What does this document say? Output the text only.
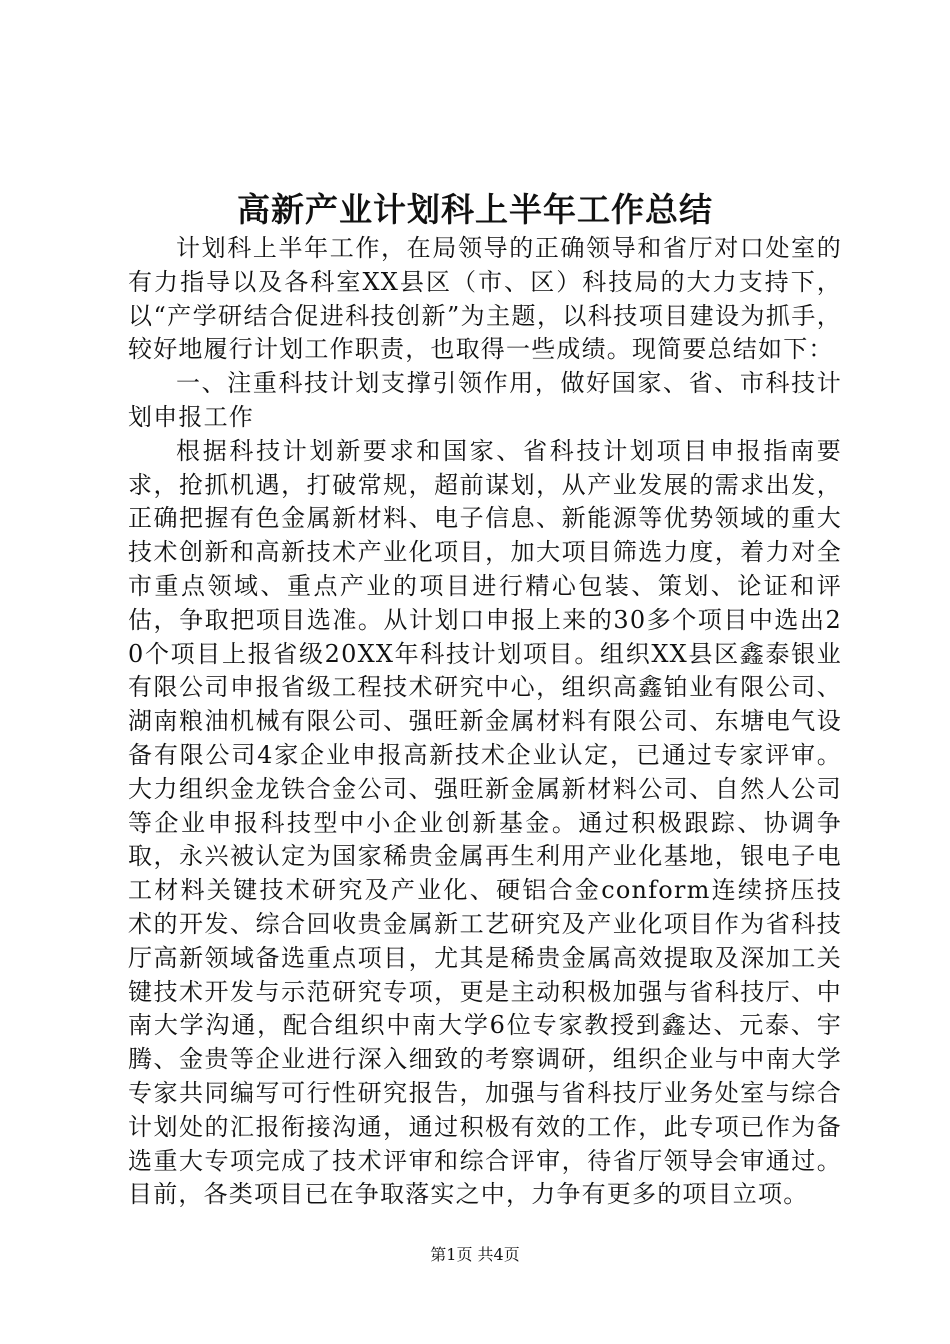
高新产业计划科上半年工作总结

计划科上半年工作，在局领导的正确领导和省厅对口处室的有力指导以及各科室XX县区（市、区）科技局的大力支持下，以“产学研结合促进科技创新”为主题，以科技项目建设为抓手，较好地履行计划工作职责，也取得一些成绩。现简要总结如下：

一、注重科技计划支撑引领作用，做好国家、省、市科技计划申报工作

根据科技计划新要求和国家、省科技计划项目申报指南要求，抢抓机遇，打破常规，超前谋划，从产业发展的需求出发，正确把握有色金属新材料、电子信息、新能源等优势领域的重大技术创新和高新技术产业化项目，加大项目筛选力度，着力对全市重点领域、重点产业的项目进行精心包装、策划、论证和评估，争取把项目选准。从计划口申报上来的30多个项目中选出20个项目上报省级20XX年科技计划项目。组织XX县区鑫泰银业有限公司申报省级工程技术研究中心，组织高鑫铂业有限公司、湖南粮油机械有限公司、强旺新金属材料有限公司、东塘电气设备有限公司4家企业申报高新技术企业认定，已通过专家评审。大力组织金龙铁合金公司、强旺新金属新材料公司、自然人公司等企业申报科技型中小企业创新基金。通过积极跟踪、协调争取，永兴被认定为国家稀贵金属再生利用产业化基地，银电子电工材料关键技术研究及产业化、硬铝合金conform连续挤压技术的开发、综合回收贵金属新工艺研究及产业化项目作为省科技厅高新领域备选重点项目，尤其是稀贵金属高效提取及深加工关键技术开发与示范研究专项，更是主动积极加强与省科技厅、中南大学沟通，配合组织中南大学6位专家教授到鑫达、元泰、宇腾、金贵等企业进行深入细致的考察调研，组织企业与中南大学专家共同编写可行性研究报告，加强与省科技厅业务处室与综合计划处的汇报衔接沟通，通过积极有效的工作，此专项已作为备选重大专项完成了技术评审和综合评审，待省厅领导会审通过。目前，各类项目已在争取落实之中，力争有更多的项目立项。

第1页 共4页
